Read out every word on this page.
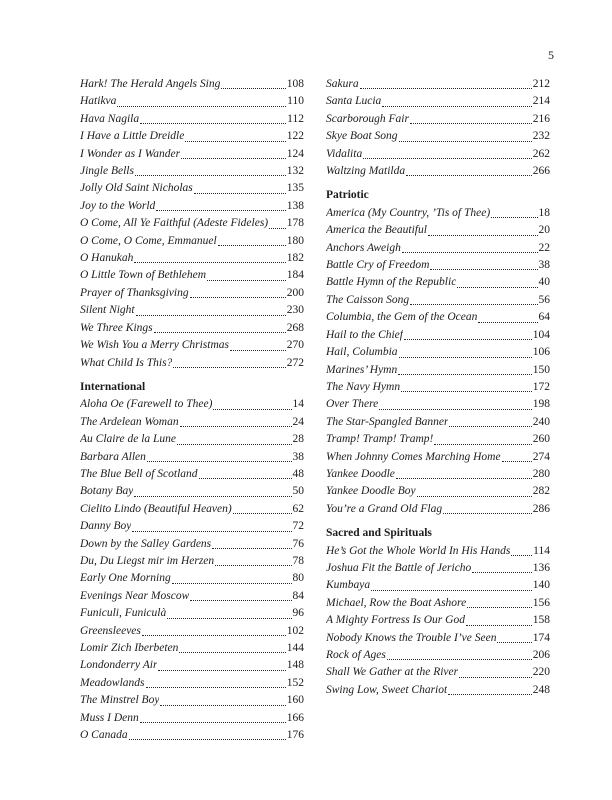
5
Hark! The Herald Angels Sing	108
Hatikva	110
Hava Nagila	112
I Have a Little Dreidle	122
I Wonder as I Wander	124
Jingle Bells	132
Jolly Old Saint Nicholas	135
Joy to the World	138
O Come, All Ye Faithful (Adeste Fideles) 178
O Come, O Come, Emmanuel	180
O Hanukah	182
O Little Town of Bethlehem	184
Prayer of Thanksgiving	200
Silent Night	230
We Three Kings	268
We Wish You a Merry Christmas	270
What Child Is This?	272
International
Aloha Oe (Farewell to Thee)	14
The Ardelean Woman	24
Au Claire de la Lune	28
Barbara Allen	38
The Blue Bell of Scotland	48
Botany Bay	50
Cielito Lindo (Beautiful Heaven)	62
Danny Boy	72
Down by the Salley Gardens	76
Du, Du Liegst mir im Herzen	78
Early One Morning	80
Evenings Near Moscow	84
Funiculi, Funiculà	96
Greensleeves	102
Lomir Zich Iberbeten	144
Londonderry Air	148
Meadowlands	152
The Minstrel Boy	160
Muss I Denn	166
O Canada	176
Sakura	212
Santa Lucia	214
Scarborough Fair	216
Skye Boat Song	232
Vidalita	262
Waltzing Matilda	266
Patriotic
America (My Country, ’Tis of Thee)	18
America the Beautiful	20
Anchors Aweigh	22
Battle Cry of Freedom	38
Battle Hymn of the Republic	40
The Caisson Song	56
Columbia, the Gem of the Ocean	64
Hail to the Chief	104
Hail, Columbia	106
Marines’ Hymn	150
The Navy Hymn	172
Over There	198
The Star-Spangled Banner	240
Tramp! Tramp! Tramp!	260
When Johnny Comes Marching Home	274
Yankee Doodle	280
Yankee Doodle Boy	282
You’re a Grand Old Flag	286
Sacred and Spirituals
He’s Got the Whole World In His Hands 114
Joshua Fit the Battle of Jericho	136
Kumbaya	140
Michael, Row the Boat Ashore	156
A Mighty Fortress Is Our God	158
Nobody Knows the Trouble I’ve Seen	174
Rock of Ages	206
Shall We Gather at the River	220
Swing Low, Sweet Chariot	248
